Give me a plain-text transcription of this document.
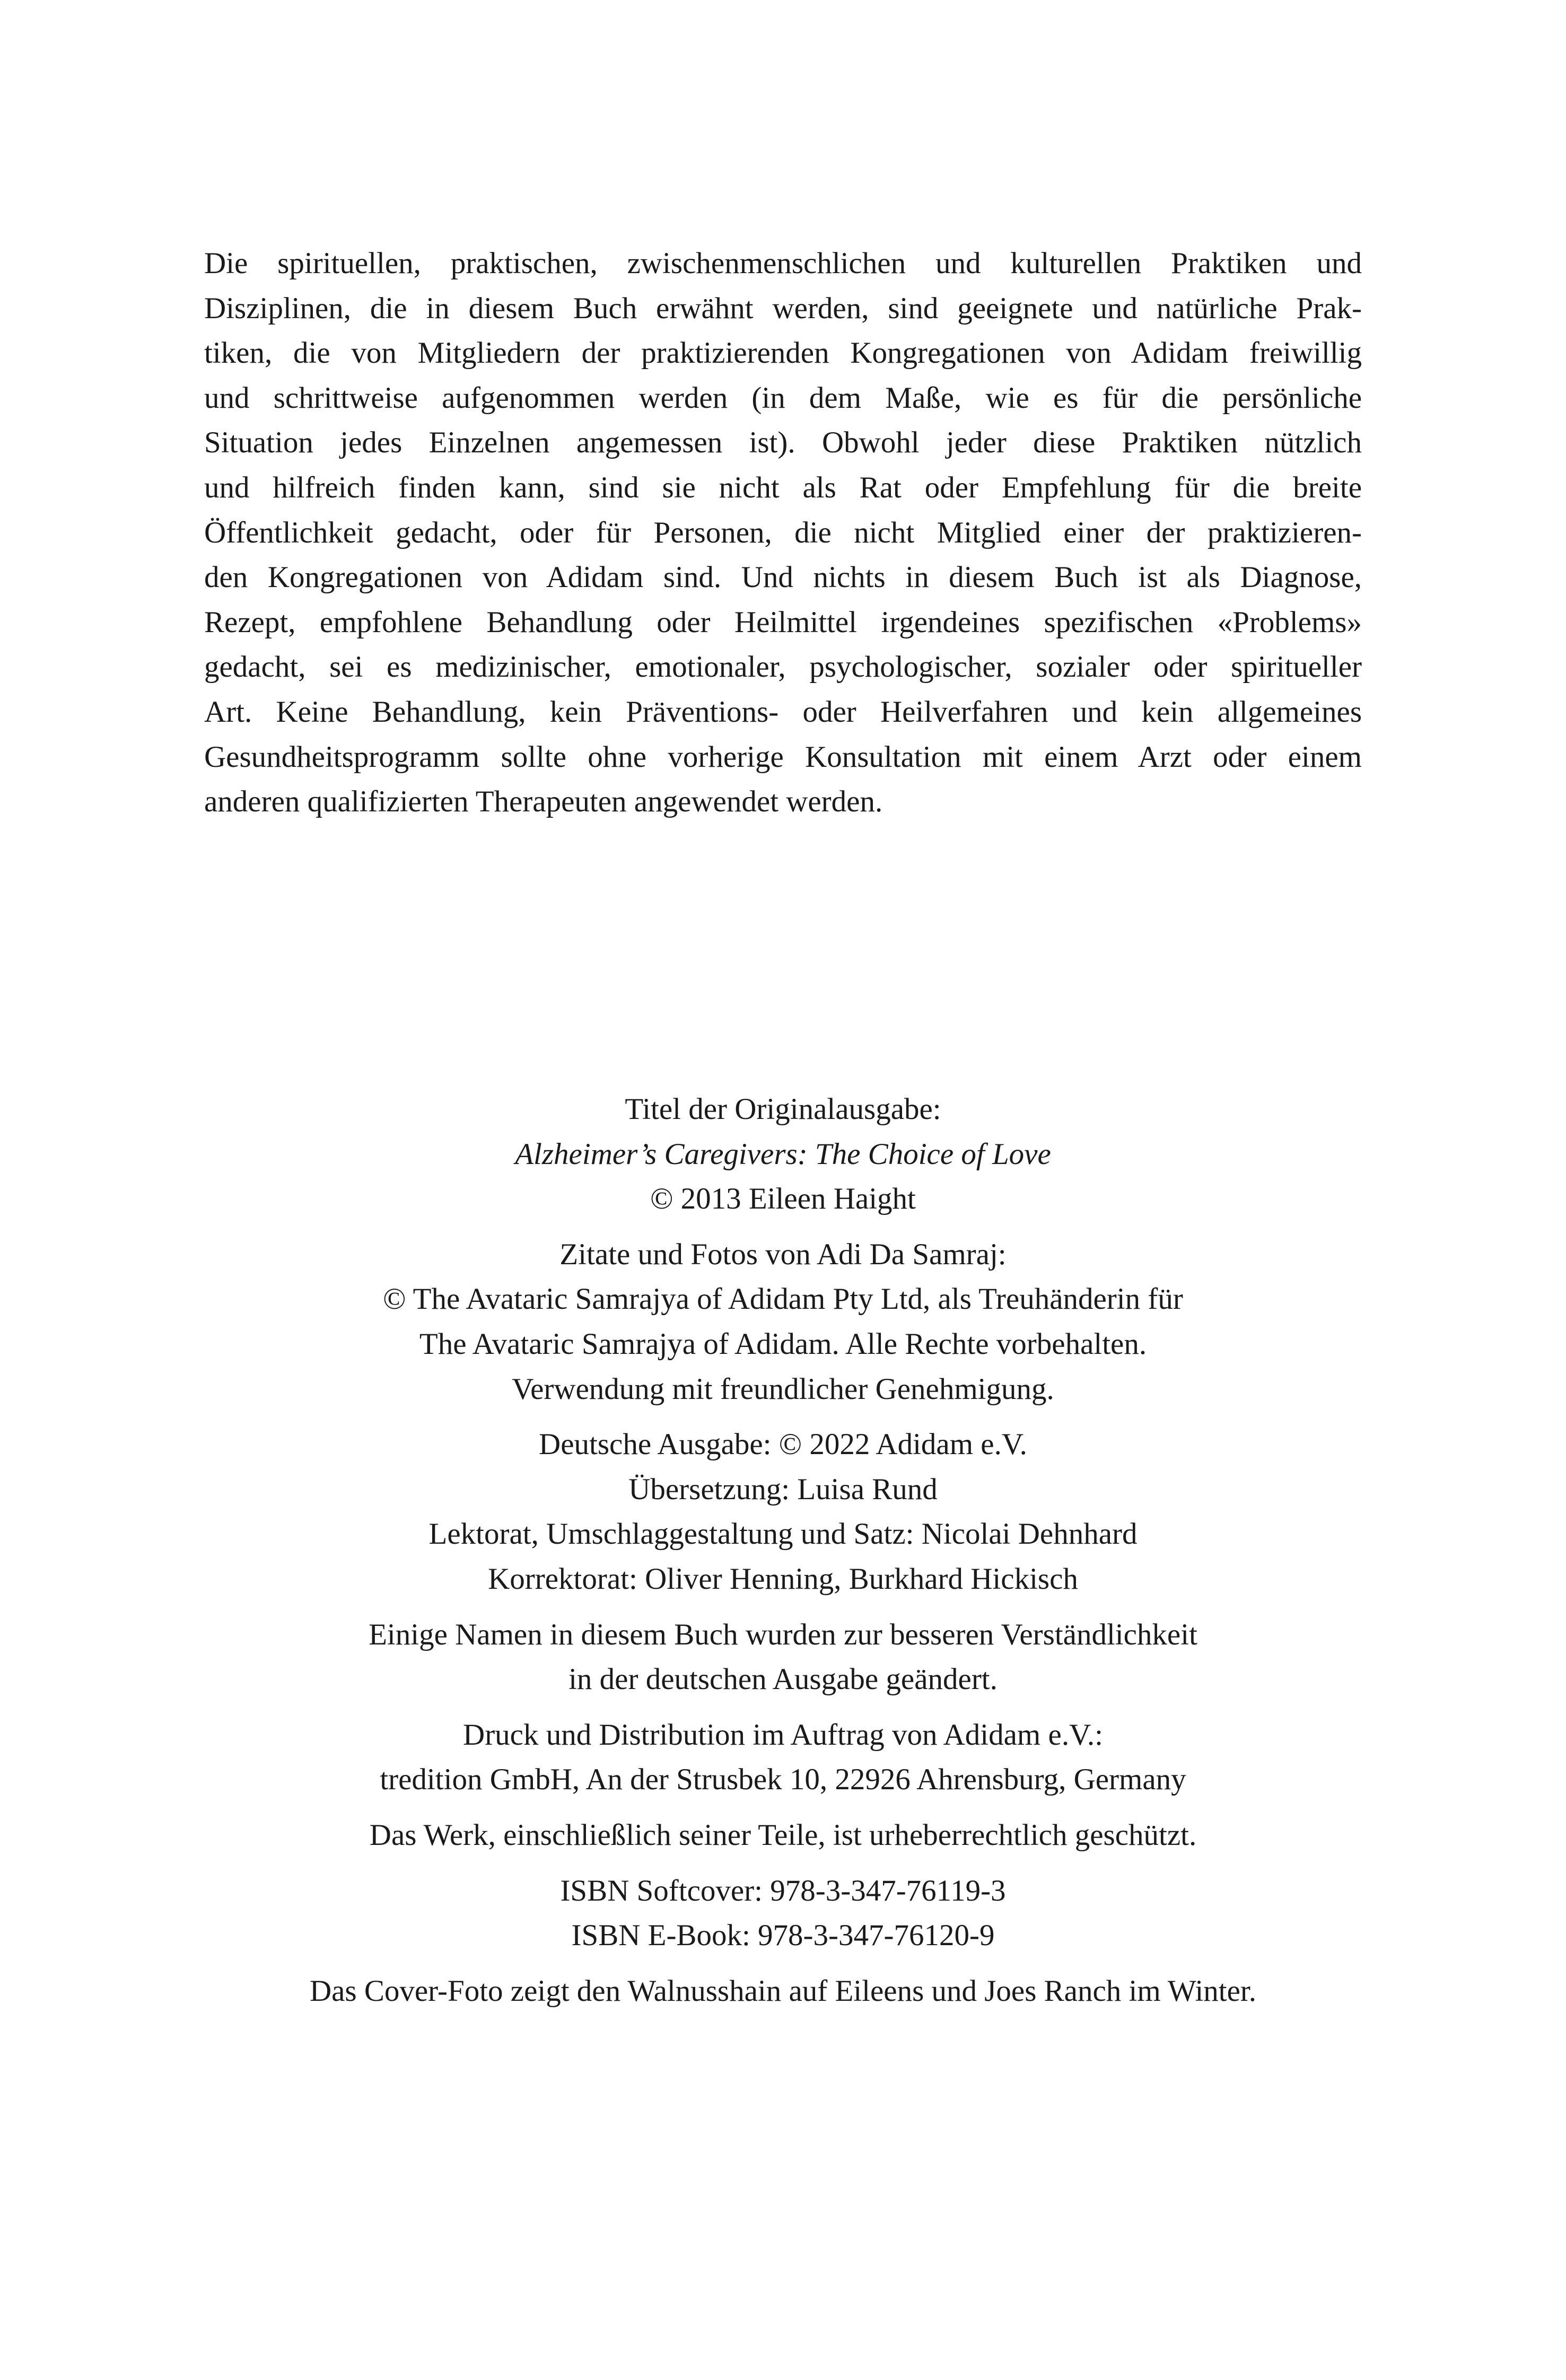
Die spirituellen, praktischen, zwischenmenschlichen und kulturellen Praktiken und
Disziplinen, die in diesem Buch erwähnt werden, sind geeignete und natürliche Prak-
tiken, die von Mitgliedern der praktizierenden Kongregationen von Adidam freiwillig
und schrittweise aufgenommen werden (in dem Maße, wie es für die persönliche
Situation jedes Einzelnen angemessen ist). Obwohl jeder diese Praktiken nützlich
und hilfreich finden kann, sind sie nicht als Rat oder Empfehlung für die breite
Öffentlichkeit gedacht, oder für Personen, die nicht Mitglied einer der praktizieren-
den Kongregationen von Adidam sind. Und nichts in diesem Buch ist als Diagnose,
Rezept, empfohlene Behandlung oder Heilmittel irgendeines spezifischen «Problems»
gedacht, sei es medizinischer, emotionaler, psychologischer, sozialer oder spiritueller
Art. Keine Behandlung, kein Präventions- oder Heilverfahren und kein allgemeines
Gesundheitsprogramm sollte ohne vorherige Konsultation mit einem Arzt oder einem
anderen qualifizierten Therapeuten angewendet werden.
Titel der Originalausgabe:
Alzheimer’s Caregivers: The Choice of Love
© 2013 Eileen Haight
Zitate und Fotos von Adi Da Samraj:
© The Avataric Samrajya of Adidam Pty Ltd, als Treuhänderin für
The Avataric Samrajya of Adidam. Alle Rechte vorbehalten.
Verwendung mit freundlicher Genehmigung.
Deutsche Ausgabe: © 2022 Adidam e.V.
Übersetzung: Luisa Rund
Lektorat, Umschlaggestaltung und Satz: Nicolai Dehnhard
Korrektorat: Oliver Henning, Burkhard Hickisch
Einige Namen in diesem Buch wurden zur besseren Verständlichkeit
in der deutschen Ausgabe geändert.
Druck und Distribution im Auftrag von Adidam e.V.:
tredition GmbH, An der Strusbek 10, 22926 Ahrensburg, Germany
Das Werk, einschließlich seiner Teile, ist urheberrechtlich geschützt.
ISBN Softcover: 978-3-347-76119-3
ISBN E-Book: 978-3-347-76120-9
Das Cover-Foto zeigt den Walnusshain auf Eileens und Joes Ranch im Winter.
